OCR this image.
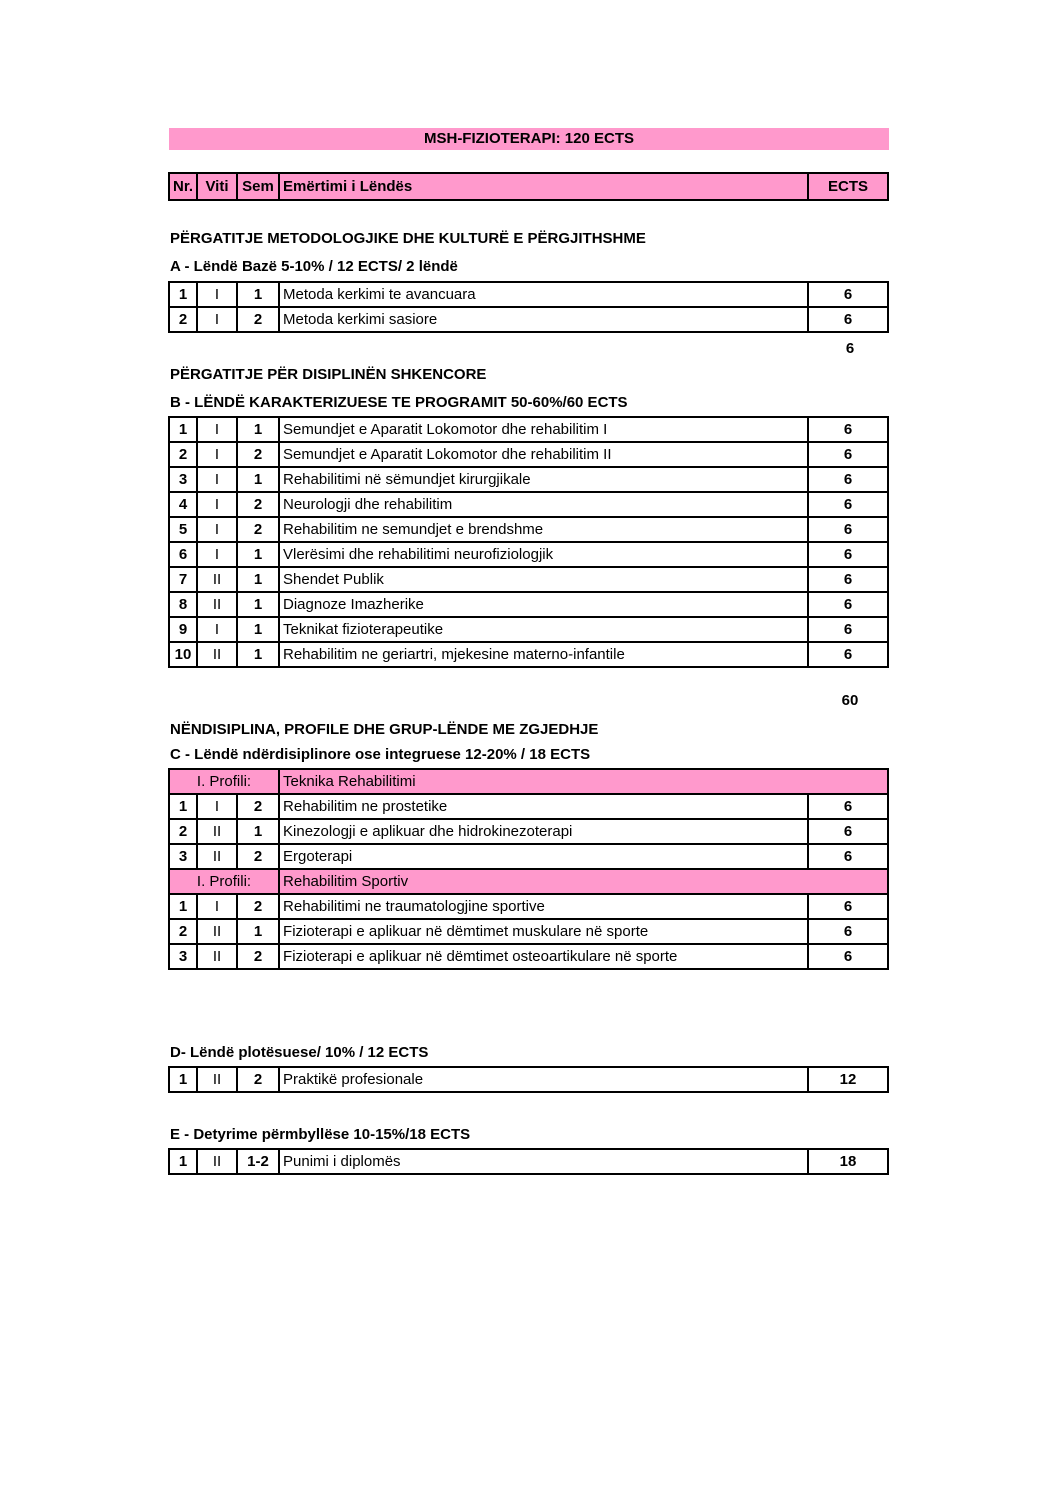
MSH-FIZIOTERAPI: 120 ECTS
Nr.	Viti	Sem	Emërtimi i Lëndës	ECTS
PËRGATITJE METODOLOGJIKE DHE KULTURË E PËRGJITHSHME
A - Lëndë Bazë 5-10% / 12 ECTS/ 2 lëndë
1	I	1	Metoda kerkimi te avancuara	6
2	I	2	Metoda kerkimi sasiore	6
6
PËRGATITJE PËR DISIPLINËN SHKENCORE
B - LËNDË KARAKTERIZUESE TE PROGRAMIT 50-60%/60 ECTS
1	I	1	Semundjet e Aparatit Lokomotor dhe rehabilitim I	6
2	I	2	Semundjet e Aparatit Lokomotor dhe rehabilitim II	6
3	I	1	Rehabilitimi në sëmundjet kirurgjikale	6
4	I	2	Neurologji dhe rehabilitim	6
5	I	2	Rehabilitim ne semundjet e brendshme	6
6	I	1	Vlerësimi dhe rehabilitimi neurofiziologjik	6
7	II	1	Shendet Publik	6
8	II	1	Diagnoze Imazherike	6
9	I	1	Teknikat fizioterapeutike	6
10	II	1	Rehabilitim ne geriartri, mjekesine materno-infantile	6
60
NËNDISIPLINA, PROFILE DHE GRUP-LËNDE ME ZGJEDHJE
C - Lëndë ndërdisiplinore ose integruese 12-20% / 18 ECTS
I. Profili:			Teknika Rehabilitimi	
1	I	2	Rehabilitim ne prostetike	6
2	II	1	Kinezologji e aplikuar dhe hidrokinezoterapi	6
3	II	2	Ergoterapi	6
I. Profili:			Rehabilitim Sportiv	
1	I	2	Rehabilitimi ne traumatologjine sportive	6
2	II	1	Fizioterapi e aplikuar në dëmtimet muskulare në sporte	6
3	II	2	Fizioterapi e aplikuar në dëmtimet osteoartikulare në sporte	6
D- Lëndë plotësuese/ 10% / 12 ECTS
1	II	2	Praktikë profesionale	12
E - Detyrime përmbyllëse 10-15%/18 ECTS
1	II	1-2	Punimi i diplomës	18
